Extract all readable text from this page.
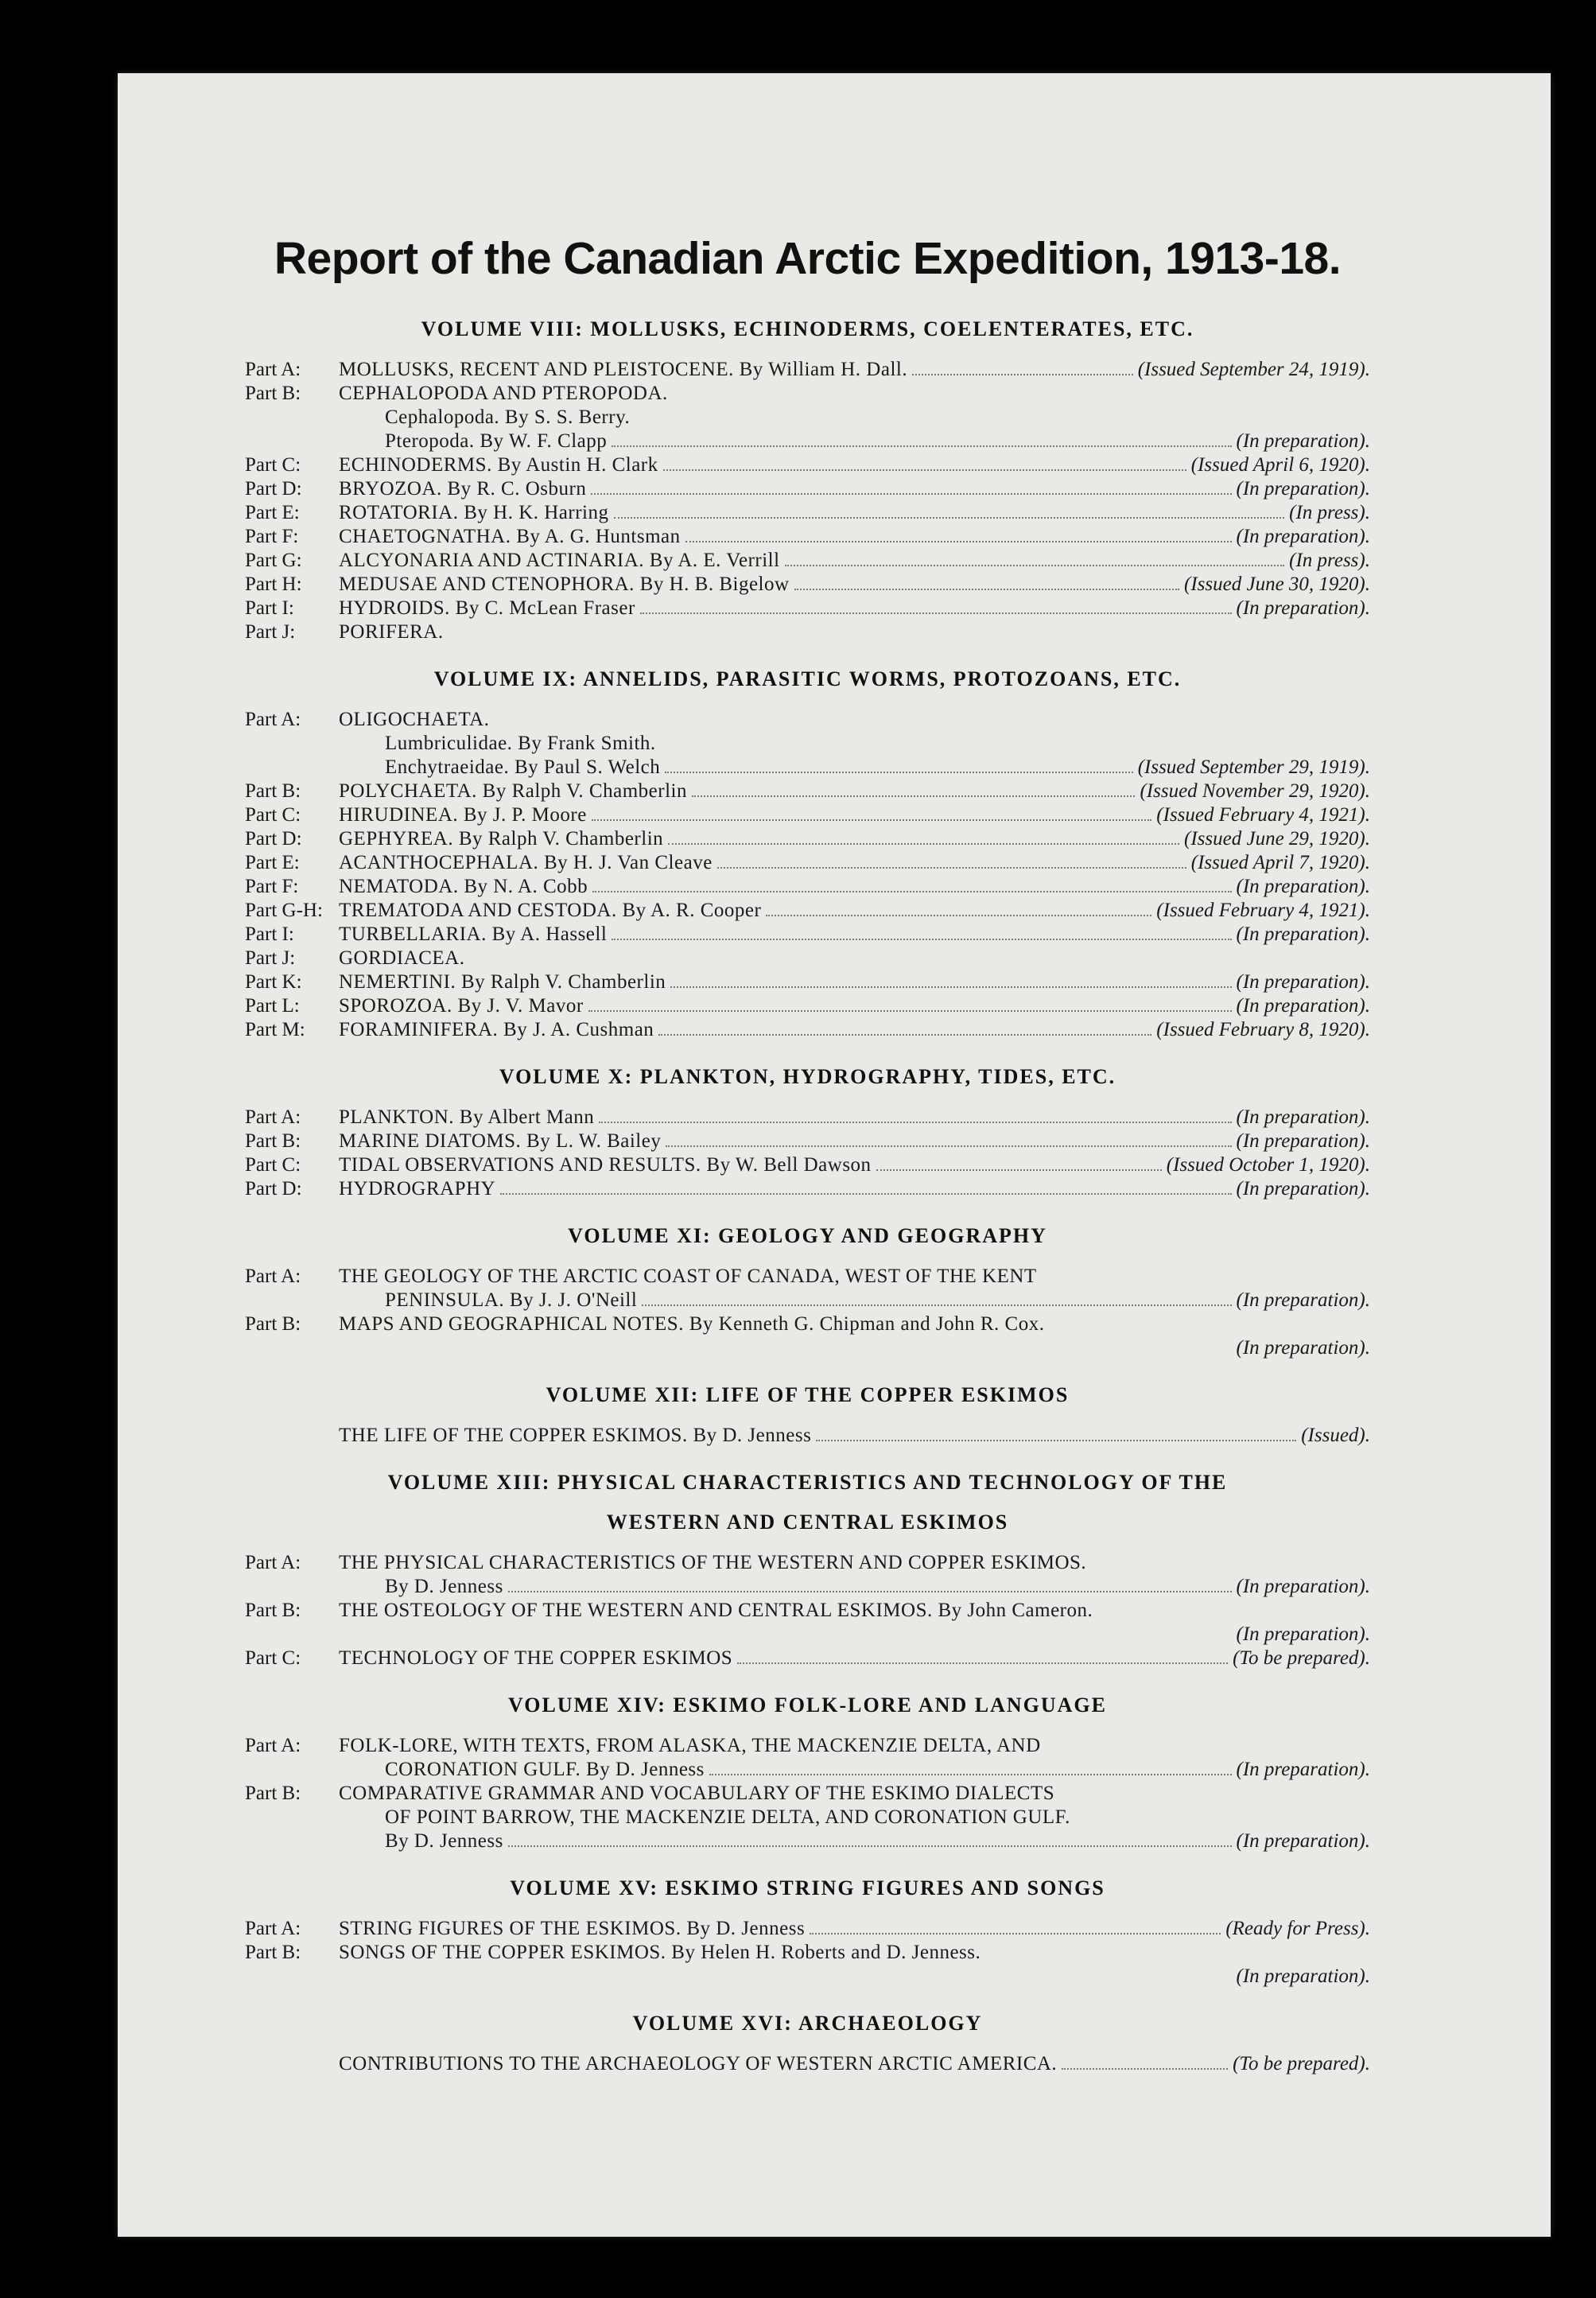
Report of the Canadian Arctic Expedition, 1913-18.
VOLUME VIII: MOLLUSKS, ECHINODERMS, COELENTERATES, ETC.
Part A:	MOLLUSKS, RECENT AND PLEISTOCENE. By William H. Dall.	(Issued September 24, 1919).
Part B:	CEPHALOPODA AND PTEROPODA.
Cephalopoda. By S. S. Berry.
Pteropoda. By W. F. Clapp	(In preparation).
Part C:	ECHINODERMS. By Austin H. Clark	(Issued April 6, 1920).
Part D:	BRYOZOA. By R. C. Osburn	(In preparation).
Part E:	ROTATORIA. By H. K. Harring	(In press).
Part F:	CHAETOGNATHA. By A. G. Huntsman	(In preparation).
Part G:	ALCYONARIA AND ACTINARIA. By A. E. Verrill	(In press).
Part H:	MEDUSAE AND CTENOPHORA. By H. B. Bigelow	(Issued June 30, 1920).
Part I:	HYDROIDS. By C. McLean Fraser	(In preparation).
Part J:	PORIFERA.
VOLUME IX: ANNELIDS, PARASITIC WORMS, PROTOZOANS, ETC.
Part A:	OLIGOCHAETA.
Lumbriculidae. By Frank Smith.
Enchytraeidae. By Paul S. Welch	(Issued September 29, 1919).
Part B:	POLYCHAETA. By Ralph V. Chamberlin	(Issued November 29, 1920).
Part C:	HIRUDINEA. By J. P. Moore	(Issued February 4, 1921).
Part D:	GEPHYREA. By Ralph V. Chamberlin	(Issued June 29, 1920).
Part E:	ACANTHOCEPHALA. By H. J. Van Cleave	(Issued April 7, 1920).
Part F:	NEMATODA. By N. A. Cobb	(In preparation).
Part G-H: TREMATODA AND CESTODA. By A. R. Cooper	(Issued February 4, 1921).
Part I:	TURBELLARIA. By A. Hassell	(In preparation).
Part J:	GORDIACEA.
Part K:	NEMERTINI. By Ralph V. Chamberlin	(In preparation).
Part L:	SPOROZOA. By J. V. Mavor	(In preparation).
Part M:	FORAMINIFERA. By J. A. Cushman	(Issued February 8, 1920).
VOLUME X: PLANKTON, HYDROGRAPHY, TIDES, ETC.
Part A:	PLANKTON. By Albert Mann	(In preparation).
Part B:	MARINE DIATOMS. By L. W. Bailey	(In preparation).
Part C:	TIDAL OBSERVATIONS AND RESULTS. By W. Bell Dawson	(Issued October 1, 1920).
Part D:	HYDROGRAPHY	(In preparation).
VOLUME XI: GEOLOGY AND GEOGRAPHY
Part A:	THE GEOLOGY OF THE ARCTIC COAST OF CANADA, WEST OF THE KENT
PENINSULA. By J. J. O'Neill	(In preparation).
Part B:	MAPS AND GEOGRAPHICAL NOTES. By Kenneth G. Chipman and John R. Cox.
(In preparation).
VOLUME XII: LIFE OF THE COPPER ESKIMOS
THE LIFE OF THE COPPER ESKIMOS. By D. Jenness	(Issued).
VOLUME XIII: PHYSICAL CHARACTERISTICS AND TECHNOLOGY OF THE
WESTERN AND CENTRAL ESKIMOS
Part A:	THE PHYSICAL CHARACTERISTICS OF THE WESTERN AND COPPER ESKIMOS.
By D. Jenness	(In preparation).
Part B:	THE OSTEOLOGY OF THE WESTERN AND CENTRAL ESKIMOS. By John Cameron.
(In preparation).
Part C:	TECHNOLOGY OF THE COPPER ESKIMOS	(To be prepared).
VOLUME XIV: ESKIMO FOLK-LORE AND LANGUAGE
Part A:	FOLK-LORE, WITH TEXTS, FROM ALASKA, THE MACKENZIE DELTA, AND
CORONATION GULF. By D. Jenness	(In preparation).
Part B:	COMPARATIVE GRAMMAR AND VOCABULARY OF THE ESKIMO DIALECTS
OF POINT BARROW, THE MACKENZIE DELTA, AND CORONATION GULF.
By D. Jenness	(In preparation).
VOLUME XV: ESKIMO STRING FIGURES AND SONGS
Part A:	STRING FIGURES OF THE ESKIMOS. By D. Jenness	(Ready for Press).
Part B:	SONGS OF THE COPPER ESKIMOS. By Helen H. Roberts and D. Jenness.
(In preparation).
VOLUME XVI: ARCHAEOLOGY
CONTRIBUTIONS TO THE ARCHAEOLOGY OF WESTERN ARCTIC AMERICA.	(To be prepared).
